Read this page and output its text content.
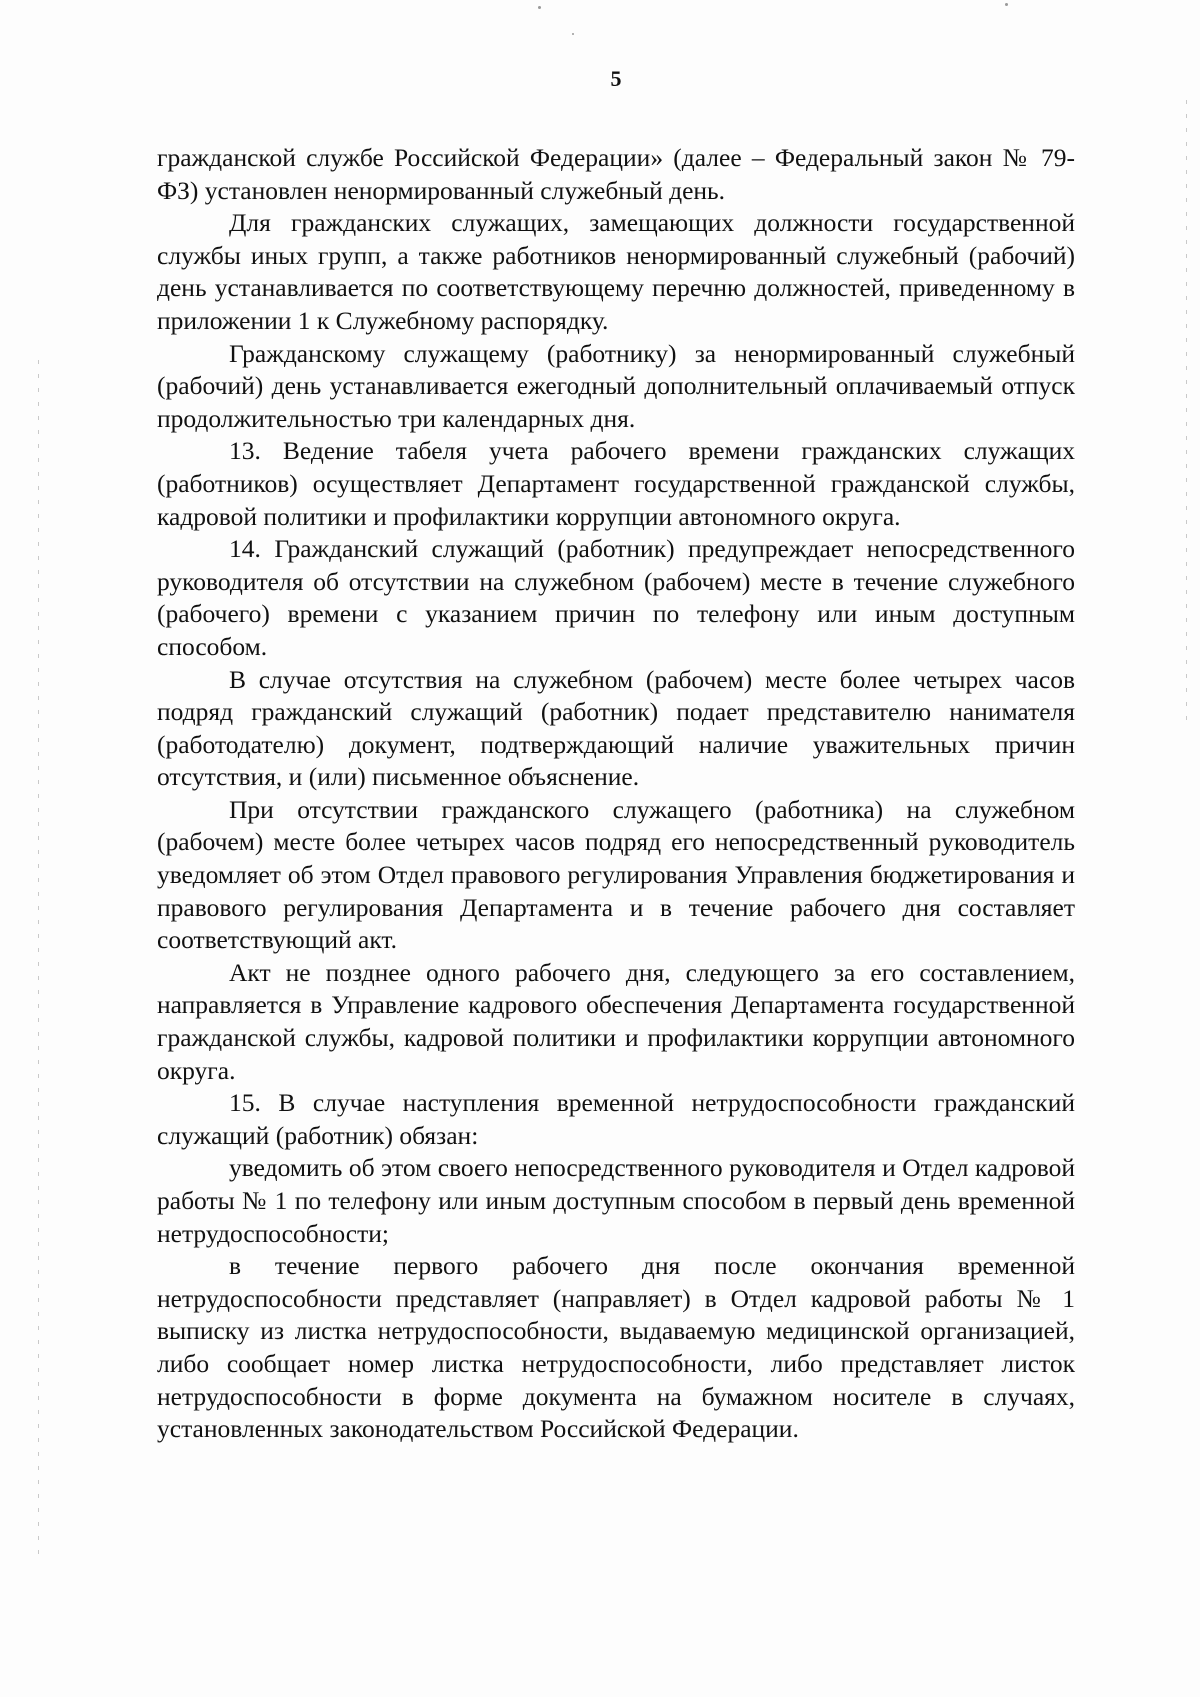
5

гражданской службе Российской Федерации» (далее – Федеральный закон № 79-ФЗ) установлен ненормированный служебный день.

Для гражданских служащих, замещающих должности государственной службы иных групп, а также работников ненормированный служебный (рабочий) день устанавливается по соответствующему перечню должностей, приведенному в приложении 1 к Служебному распорядку.

Гражданскому служащему (работнику) за ненормированный служебный (рабочий) день устанавливается ежегодный дополнительный оплачиваемый отпуск продолжительностью три календарных дня.

13. Ведение табеля учета рабочего времени гражданских служащих (работников) осуществляет Департамент государственной гражданской службы, кадровой политики и профилактики коррупции автономного округа.

14. Гражданский служащий (работник) предупреждает непосредственного руководителя об отсутствии на служебном (рабочем) месте в течение служебного (рабочего) времени с указанием причин по телефону или иным доступным способом.

В случае отсутствия на служебном (рабочем) месте более четырех часов подряд гражданский служащий (работник) подает представителю нанимателя (работодателю) документ, подтверждающий наличие уважительных причин отсутствия, и (или) письменное объяснение.

При отсутствии гражданского служащего (работника) на служебном (рабочем) месте более четырех часов подряд его непосредственный руководитель уведомляет об этом Отдел правового регулирования Управления бюджетирования и правового регулирования Департамента и в течение рабочего дня составляет соответствующий акт.

Акт не позднее одного рабочего дня, следующего за его составлением, направляется в Управление кадрового обеспечения Департамента государственной гражданской службы, кадровой политики и профилактики коррупции автономного округа.

15. В случае наступления временной нетрудоспособности гражданский служащий (работник) обязан:

уведомить об этом своего непосредственного руководителя и Отдел кадровой работы № 1 по телефону или иным доступным способом в первый день временной нетрудоспособности;

в течение первого рабочего дня после окончания временной нетрудоспособности представляет (направляет) в Отдел кадровой работы № 1 выписку из листка нетрудоспособности, выдаваемую медицинской организацией, либо сообщает номер листка нетрудоспособности, либо представляет листок нетрудоспособности в форме документа на бумажном носителе в случаях, установленных законодательством Российской Федерации.
